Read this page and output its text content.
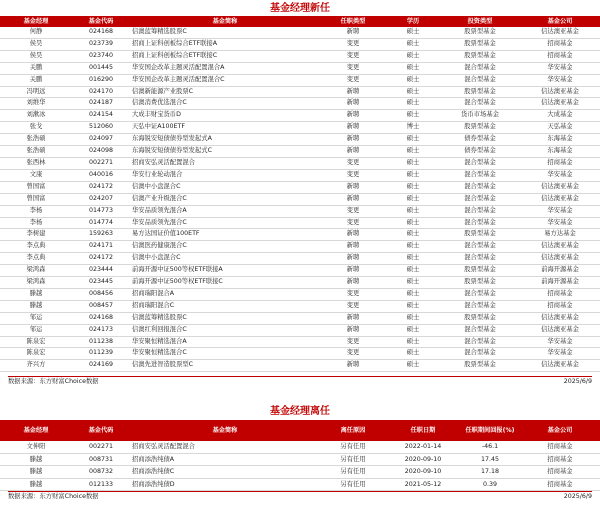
基金经理新任
基金经理	基金代码	基金简称	任职类型	学历	投资类型	基金公司
何静	024168	信澳蓝筹精选股票C	新聘	硕士	股票型基金	信达澳亚基金
侯昊	023739	招商上证科创板综合ETF联接A	变更	硕士	股票型基金	招商基金
侯昊	023740	招商上证科创板综合ETF联接C	变更	硕士	股票型基金	招商基金
关鹏	001445	华安国企改革主题灵活配置混合A	变更	硕士	混合型基金	华安基金
关鹏	016290	华安国企改革主题灵活配置混合C	变更	硕士	混合型基金	华安基金
冯明远	024170	信澳新能源产业股票C	新聘	硕士	股票型基金	信达澳亚基金
刘维华	024187	信澳消费优选混合C	新聘	硕士	混合型基金	信达澳亚基金
刘漱冰	024154	大成丰财宝货币D	新聘	硕士	货币市场基金	大成基金
张戈	512060	天弘中证A100ETF	新聘	博士	股票型基金	天弘基金
张浩硕	024097	东海锐安短债债券型发起式A	新聘	硕士	债券型基金	东海基金
张浩硕	024098	东海锐安短债债券型发起式C	新聘	硕士	债券型基金	东海基金
张西林	002271	招商安弘灵活配置混合	变更	硕士	混合型基金	招商基金
文康	040016	华安行业轮动混合	变更	硕士	混合型基金	华安基金
曾国富	024172	信澳中小盘混合C	新聘	硕士	混合型基金	信达澳亚基金
曾国富	024207	信澳产业升级混合C	新聘	硕士	混合型基金	信达澳亚基金
李杨	014773	华安品质领先混合A	变更	硕士	混合型基金	华安基金
李杨	014774	华安品质领先混合C	变更	硕士	混合型基金	华安基金
李树建	159263	易方达国证价值100ETF	新聘	硕士	股票型基金	易方达基金
李点典	024171	信澳医药健康混合C	新聘	硕士	混合型基金	信达澳亚基金
李点典	024172	信澳中小盘混合C	新聘	硕士	混合型基金	信达澳亚基金
梁鸿森	023444	前海开源中证500等权ETF联接A	新聘	硕士	股票型基金	前海开源基金
梁鸿森	023445	前海开源中证500等权ETF联接C	新聘	硕士	股票型基金	前海开源基金
滕越	008456	招商瑞阳混合A	变更	硕士	混合型基金	招商基金
滕越	008457	招商瑞阳混合C	变更	硕士	混合型基金	招商基金
邹运	024168	信澳蓝筹精选股票C	新聘	硕士	股票型基金	信达澳亚基金
邹运	024173	信澳红利回报混合C	新聘	硕士	混合型基金	信达澳亚基金
陈泉宏	011238	华安聚恒精选混合A	变更	硕士	混合型基金	华安基金
陈泉宏	011239	华安聚恒精选混合C	变更	硕士	混合型基金	华安基金
齐兴方	024169	信澳先进智造股票型C	新聘	硕士	股票型基金	信达澳亚基金
数据来源：东方财富Choice数据	2025/6/9
基金经理离任
基金经理	基金代码	基金简称	离任原因	任职日期	任职期间回报(%)	基金公司
文伸阳	002271	招商安弘灵活配置混合	另有任用	2022-01-14	-46.1	招商基金
滕越	008731	招商添浩纯债A	另有任用	2020-09-10	17.45	招商基金
滕越	008732	招商添浩纯债C	另有任用	2020-09-10	17.18	招商基金
滕越	012133	招商添浩纯债D	另有任用	2021-05-12	0.39	招商基金
数据来源：东方财富Choice数据	2025/6/9
